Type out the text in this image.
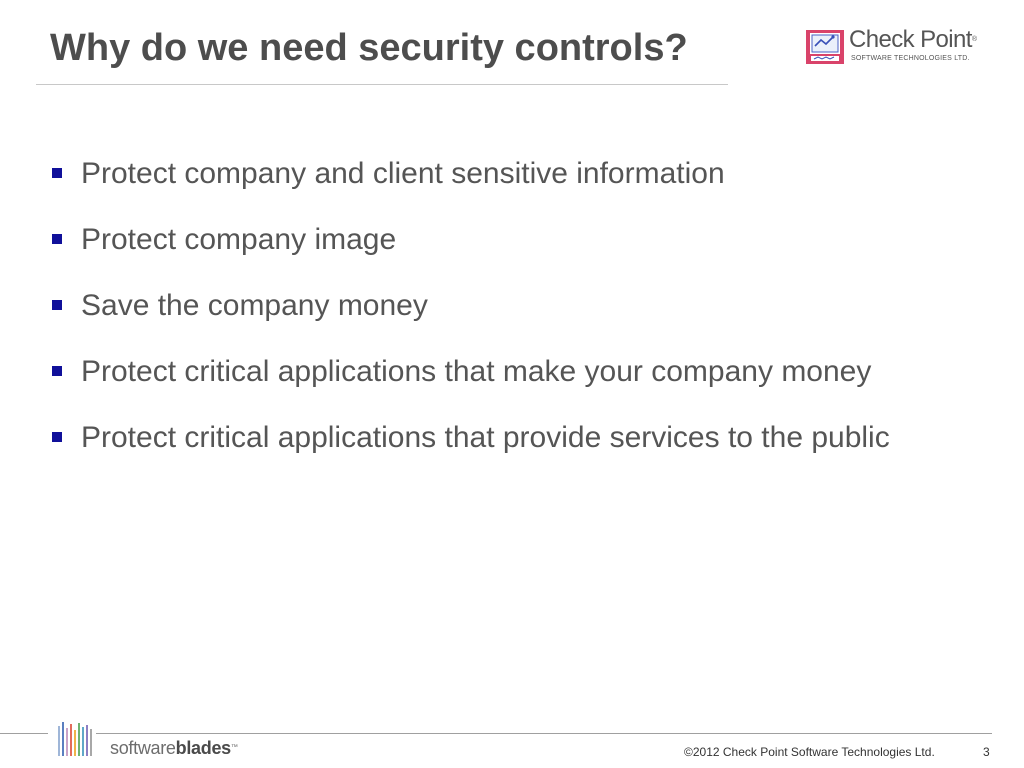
Why do we need security controls?	Check Point®
SOFTWARE TECHNOLOGIES LTD.
Protect company and client sensitive information
Protect company image
Save the company money
Protect critical applications that make your company money
Protect critical applications that provide services to the public
softwareblades™	©2012 Check Point Software Technologies Ltd.	3
